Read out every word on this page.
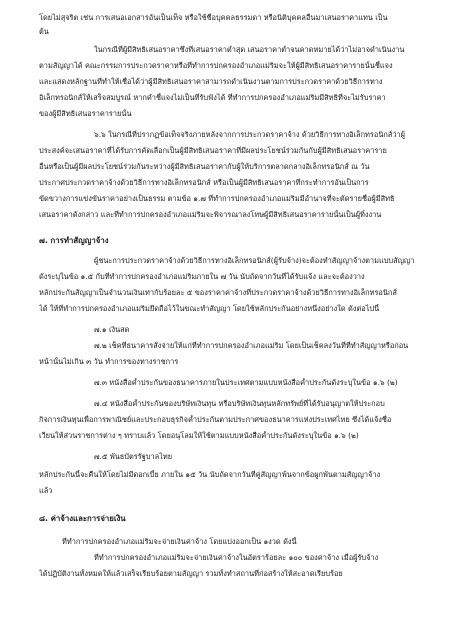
โดยไม่สุจริต เช่น การเสนอเอกสารอันเป็นเท็จ หรือใช้ชื่อบุคคลธรรมดา หรือนิติบุคคลอื่นมาเสนอราคาแทน เป็น
ต้น
ในกรณีที่ผู้มีสิทธิเสนอราคาซึ่งที่เสนอราคาต่ำสุด เสนอราคาต่ำจนคาดหมายได้ว่าไม่อาจดำเนินงาน
ตามสัญญาได้ คณะกรรมการประกวดราคาหรือที่ทำการปกครองอำเภอแม่ริมจะให้ผู้มีสิทธิเสนอราคารายนั้นชี้แจง
และแสดงหลักฐานที่ทำให้เชื่อได้ว่าผู้มีสิทธิเสนอราคาสามารถดำเนินงานตามการประกวดราคาด้วยวิธีการทาง
อิเล็กทรอนิกส์ให้เสร็จสมบูรณ์ หากคำชี้แจงไม่เป็นที่รับฟังได้ ที่ทำการปกครองอำเภอแม่ริมมีสิทธิที่จะไม่รับราคา
ของผู้มีสิทธิเสนอราคารายนั้น
๖.๖ ในกรณีที่ปรากฏข้อเท็จจริงภายหลังจากการประกวดราคาจ้าง ด้วยวิธีการทางอิเล็กทรอนิกส์ว่าผู้
ประสงค์จะเสนอราคาที่ได้รับการคัดเลือกเป็นผู้มีสิทธิเสนอราคาที่มีผลประโยชน์ร่วมกันกับผู้มีสิทธิเสนอราคาราย
อื่นหรือเป็นผู้มีผลประโยชน์ร่วมกันระหว่างผู้มีสิทธิเสนอราคากับผู้ให้บริการตลาดกลางอิเล็กทรอนิกส์ ณ วัน
ประกาศประกวดราคาจ้างด้วยวิธีการทางอิเล็กทรอนิกส์ หรือเป็นผู้มีสิทธิเสนอราคาที่กระทำการอันเป็นการ
ขัดขวางการแข่งขันราคาอย่างเป็นธรรม ตามข้อ ๑.๗ ที่ทำการปกครองอำเภอแม่ริมมีอำนาจที่จะตัดรายชื่อผู้มีสิทธิ
เสนอราคาดังกล่าว และที่ทำการปกครองอำเภอแม่ริมจะพิจารณาลงโทษผู้มีสิทธิเสนอราคารายนั้นเป็นผู้ทิ้งงาน
๗. การทำสัญญาจ้าง
ผู้ชนะการประกวดราคาจ้างด้วยวิธีการทางอิเล็กทรอนิกส์(ผู้รับจ้าง)จะต้องทำสัญญาจ้างตามแบบสัญญา
ดังระบุในข้อ ๑.๕ กับที่ทำการปกครองอำเภอแม่ริมภายใน ๗ วัน นับถัดจากวันที่ได้รับแจ้ง และจะต้องวาง
หลักประกันสัญญาเป็นจำนวนเงินเท่ากับร้อยละ ๕ ของราคาค่าจ้างที่ประกวดราคาจ้างด้วยวิธีการทางอิเล็กทรอนิกส์
ได้ ให้ที่ทำการปกครองอำเภอแม่ริมยึดถือไว้ในขณะทำสัญญา โดยใช้หลักประกันอย่างหนึ่งอย่างใด ดังต่อไปนี้
๗.๑ เงินสด
๗.๒ เช็คที่ธนาคารสั่งจ่ายให้แก่ที่ทำการปกครองอำเภอแม่ริม โดยเป็นเช็คลงวันที่ที่ทำสัญญาหรือก่อน
หน้านั้นไม่เกิน ๓ วัน ทำการของทางราชการ
๗.๓ หนังสือค้ำประกันของธนาคารภายในประเทศตามแบบหนังสือค้ำประกันดังระบุในข้อ ๑.๖ (๒)
๗.๔ หนังสือค้ำประกันของบริษัทเงินทุน หรือบริษัทเงินทุนหลักทรัพย์ที่ได้รับอนุญาตให้ประกอบ
กิจการเงินทุนเพื่อการพาณิชย์และประกอบธุรกิจค้ำประกันตามประกาศของธนาคารแห่งประเทศไทย ซึ่งได้แจ้งชื่อ
เวียนให้ส่วนราชการต่าง ๆ ทราบแล้ว โดยอนุโลมให้ใช้ตามแบบหนังสือค้ำประกันดังระบุในข้อ ๑.๖ (๒)
๗.๕ พันธบัตรรัฐบาลไทย
หลักประกันนี้จะคืนให้โดยไม่มีดอกเบี้ย ภายใน ๑๕ วัน นับถัดจากวันที่คู่สัญญาพ้นจากข้อผูกพันตามสัญญาจ้าง
แล้ว
๘. ค่าจ้างและการจ่ายเงิน
ที่ทำการปกครองอำเภอแม่ริมจะจ่ายเงินค่าจ้าง โดยแบ่งออกเป็น ๑งวด ดังนี้
ที่ทำการปกครองอำเภอแม่ริมจะจ่ายเงินค่าจ้างในอัตราร้อยละ ๑๐๐ ของค่าจ้าง เมื่อผู้รับจ้าง
ได้ปฏิบัติงานทั้งหมดให้แล้วเสร็จเรียบร้อยตามสัญญา รวมทั้งทำสถานที่ก่อสร้างให้สะอาดเรียบร้อย
